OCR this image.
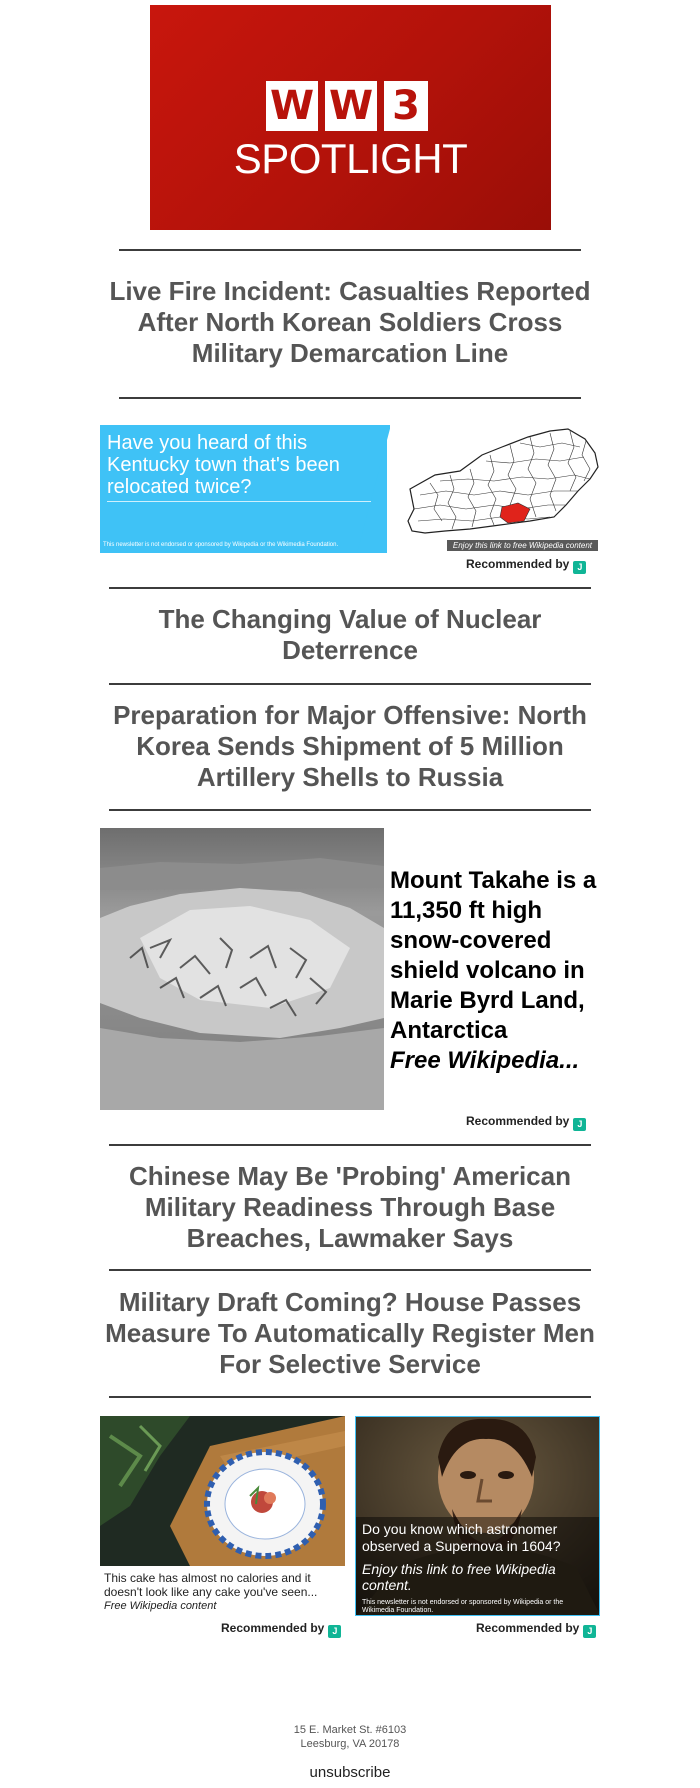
W W 3
SPOTLIGHT
Live Fire Incident: Casualties Reported After North Korean Soldiers Cross Military Demarcation Line
Have you heard of this Kentucky town that's been relocated twice?
This newsletter is not endorsed or sponsored by Wikipedia or the Wikimedia Foundation.	Enjoy this link to free Wikipedia content
Recommended by J
The Changing Value of Nuclear Deterrence
Preparation for Major Offensive: North Korea Sends Shipment of 5 Million Artillery Shells to Russia
Mount Takahe is a 11,350 ft high snow-covered shield volcano in Marie Byrd Land, Antarctica
Free Wikipedia...
Recommended by J
Chinese May Be 'Probing' American Military Readiness Through Base Breaches, Lawmaker Says
Military Draft Coming? House Passes Measure To Automatically Register Men For Selective Service
This cake has almost no calories and it doesn't look like any cake you've seen...
Free Wikipedia content
Recommended by J
Do you know which astronomer observed a Supernova in 1604?
Enjoy this link to free Wikipedia content.
This newsletter is not endorsed or sponsored by Wikipedia or the Wikimedia Foundation.
Recommended by J
15 E. Market St. #6103
Leesburg, VA 20178
unsubscribe
